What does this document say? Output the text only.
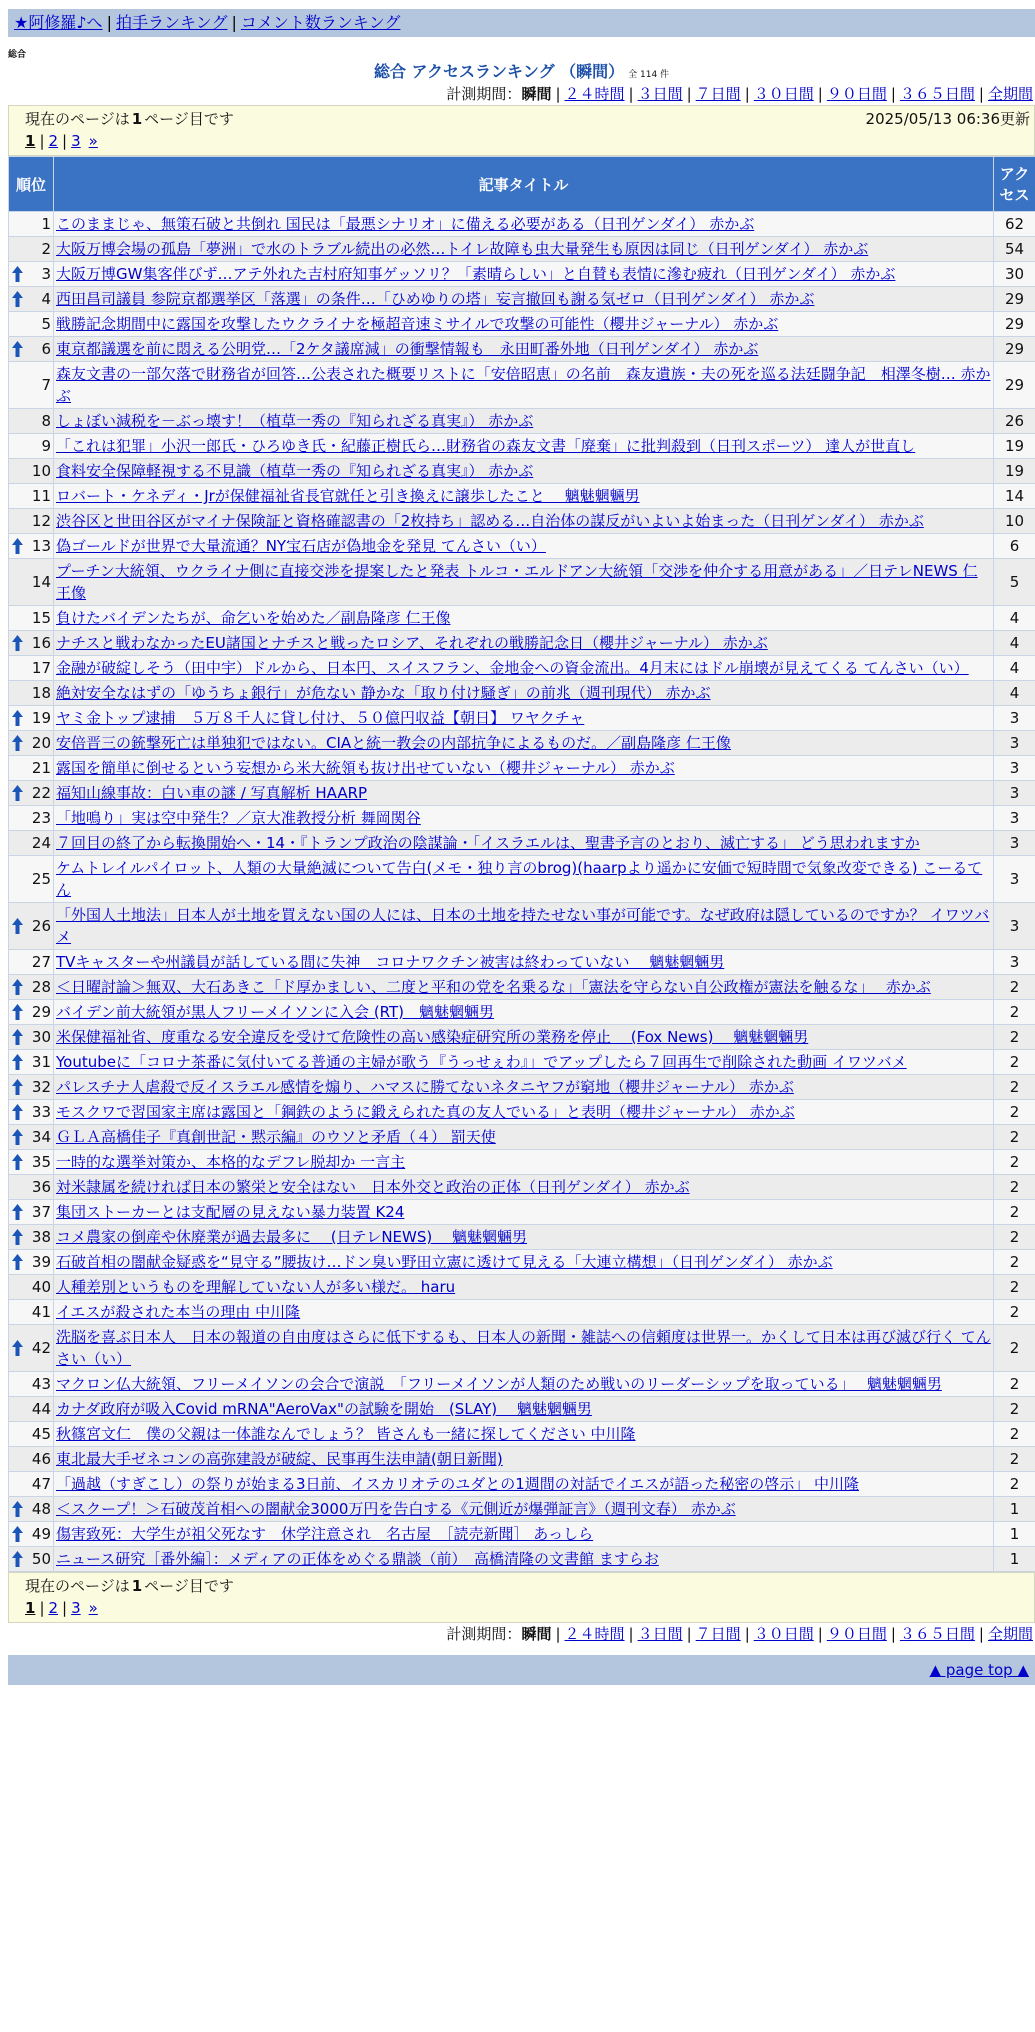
★阿修羅♪へ | 拍手ランキング | コメント数ランキング
総合
総合 アクセスランキング （瞬間） 全 114 件
計測期間：瞬間 | ２４時間 | ３日間 | ７日間 | ３０日間 | ９０日間 | ３６５日間 | 全期間
現在のページは 1 ページ目です	2025/05/13 06:36更新
1 | 2 | 3 »
順位	記事タイトル	アクセス
1	このままじゃ、無策石破と共倒れ 国民は「最悪シナリオ」に備える必要がある（日刊ゲンダイ） 赤かぶ	62
2	大阪万博会場の孤島「夢洲」で水のトラブル続出の必然…トイレ故障も虫大量発生も原因は同じ（日刊ゲンダイ） 赤かぶ	54

3	大阪万博GW集客伴びず…アテ外れた吉村府知事ゲッソリ？「素晴らしい」と自賛も表情に滲む疲れ（日刊ゲンダイ） 赤かぶ	30

4	西田昌司議員 参院京都選挙区「落選」の条件…「ひめゆりの塔」妄言撤回も謝る気ゼロ（日刊ゲンダイ） 赤かぶ	29
5	戦勝記念期間中に露国を攻撃したウクライナを極超音速ミサイルで攻撃の可能性（櫻井ジャーナル） 赤かぶ	29

6	東京都議選を前に悶える公明党…「2ケタ議席減」の衝撃情報も　永田町番外地（日刊ゲンダイ） 赤かぶ	29
7	森友文書の一部欠落で財務省が回答…公表された概要リストに「安倍昭恵」の名前　森友遺族・夫の死を巡る法廷闘争記　相澤冬樹… 赤かぶ	29
8	しょぼい減税を－ぶっ壊す！（植草一秀の『知られざる真実』） 赤かぶ	26
9	「これは犯罪」小沢一郎氏・ひろゆき氏・紀藤正樹氏ら…財務省の森友文書「廃棄」に批判殺到（日刊スポーツ） 達人が世直し	19
10	食料安全保障軽視する不見識（植草一秀の『知られざる真実』） 赤かぶ	19
11	ロバート・ケネディ・Jrが保健福祉省長官就任と引き換えに譲歩したこと　 魑魅魍魎男	14
12	渋谷区と世田谷区がマイナ保険証と資格確認書の「2枚持ち」認める…自治体の謀反がいよいよ始まった（日刊ゲンダイ） 赤かぶ	10

13	偽ゴールドが世界で大量流通？NY宝石店が偽地金を発見 てんさい（い）	6
14	プーチン大統領、ウクライナ側に直接交渉を提案したと発表 トルコ・エルドアン大統領「交渉を仲介する用意がある」／日テレNEWS 仁王像	5
15	負けたバイデンたちが、命乞いを始めた／副島隆彦 仁王像	4

16	ナチスと戦わなかったEU諸国とナチスと戦ったロシア、それぞれの戦勝記念日（櫻井ジャーナル） 赤かぶ	4
17	金融が破綻しそう（田中宇）ドルから、日本円、スイスフラン、金地金への資金流出。4月末にはドル崩壊が見えてくる てんさい（い）	4
18	絶対安全なはずの「ゆうちょ銀行」が危ない 静かな「取り付け騒ぎ」の前兆（週刊現代） 赤かぶ	4

19	ヤミ金トップ逮捕　５万８千人に貸し付け、５０億円収益【朝日】 ワヤクチャ	3

20	安倍晋三の銃撃死亡は単独犯ではない。CIAと統一教会の内部抗争によるものだ。／副島隆彦 仁王像	3
21	露国を簡単に倒せるという妄想から米大統領も抜け出せていない（櫻井ジャーナル） 赤かぶ	3

22	福知山線事故：白い車の謎 / 写真解析 HAARP	3
23	「地鳴り」実は空中発生？／京大准教授分析 舞岡関谷	3
24	７回目の終了から転換開始へ・14・『トランプ政治の陰謀論・「イスラエルは、聖書予言のとおり、滅亡する」 どう思われますか	3
25	ケムトレイルパイロット、人類の大量絶滅について告白(メモ・独り言のbrog)(haarpより遥かに安価で短時間で気象改変できる) こーるてん	3

26	「外国人土地法」日本人が土地を買えない国の人には、日本の土地を持たせない事が可能です。なぜ政府は隠しているのですか？ イワツバメ	3
27	TVキャスターや州議員が話している間に失神　コロナワクチン被害は終わっていない　 魑魅魍魎男	3

28	＜日曜討論＞無双、大石あきこ「ド厚かましい、二度と平和の党を名乗るな」「憲法を守らない自公政権が憲法を触るな」　 赤かぶ	2

29	バイデン前大統領が黒人フリーメイソンに入会 (RT)　魑魅魍魎男	2

30	米保健福祉省、度重なる安全違反を受けて危険性の高い感染症研究所の業務を停止　 (Fox News)　 魑魅魍魎男	2

31	Youtubeに「コロナ茶番に気付いてる普通の主婦が歌う『うっせぇわ』」でアップしたら７回再生で削除された動画 イワツバメ	2

32	パレスチナ人虐殺で反イスラエル感情を煽り、ハマスに勝てないネタニヤフが窮地（櫻井ジャーナル） 赤かぶ	2

33	モスクワで習国家主席は露国と「鋼鉄のように鍛えられた真の友人でいる」と表明（櫻井ジャーナル） 赤かぶ	2

34	ＧＬＡ高橋佳子『真創世記・黙示編』のウソと矛盾（４） 罰天使	2

35	一時的な選挙対策か、本格的なデフレ脱却か 一言主	2
36	対米隷属を続ければ日本の繁栄と安全はない　日本外交と政治の正体（日刊ゲンダイ） 赤かぶ	2

37	集団ストーカーとは支配層の見えない暴力装置 K24	2

38	コメ農家の倒産や休廃業が過去最多に　 (日テレNEWS)　 魑魅魍魎男	2

39	石破首相の闇献金疑惑を“見守る”腰抜け…ドン臭い野田立憲に透けて見える「大連立構想」（日刊ゲンダイ） 赤かぶ	2
40	人種差別というものを理解していない人が多い様だ。 haru	2
41	イエスが殺された本当の理由 中川隆	2

42	洗脳を喜ぶ日本人　日本の報道の自由度はさらに低下するも、日本人の新聞・雑誌への信頼度は世界一。かくして日本は再び滅び行く てんさい（い）	2
43	マクロン仏大統領、フリーメイソンの会合で演説　「フリーメイソンが人類のため戦いのリーダーシップを取っている」　 魑魅魍魎男	2
44	カナダ政府が吸入Covid mRNA"AeroVax"の試験を開始　(SLAY)　 魑魅魍魎男	2
45	秋篠宮文仁　僕の父親は一体誰なんでしょう？ 皆さんも一緒に探してください 中川隆	2
46	東北最大手ゼネコンの高弥建設が破綻、民事再生法申請(朝日新聞)	2
47	「過越（すぎこし）の祭りが始まる3日前、イスカリオテのユダとの1週間の対話でイエスが語った秘密の啓示」 中川隆	2

48	＜スクープ！＞石破茂首相への闇献金3000万円を告白する《元側近が爆弾証言》（週刊文春） 赤かぶ	1

49	傷害致死：大学生が祖父死なす　休学注意され　名古屋　［読売新聞］ あっしら	1

50	ニュース研究［番外編］：メディアの正体をめぐる鼎談（前）　高橋清隆の文書館 ますらお	1
現在のページは 1 ページ目です
1 | 2 | 3 »
計測期間：瞬間 | ２４時間 | ３日間 | ７日間 | ３０日間 | ９０日間 | ３６５日間 | 全期間
▲ page top ▲
